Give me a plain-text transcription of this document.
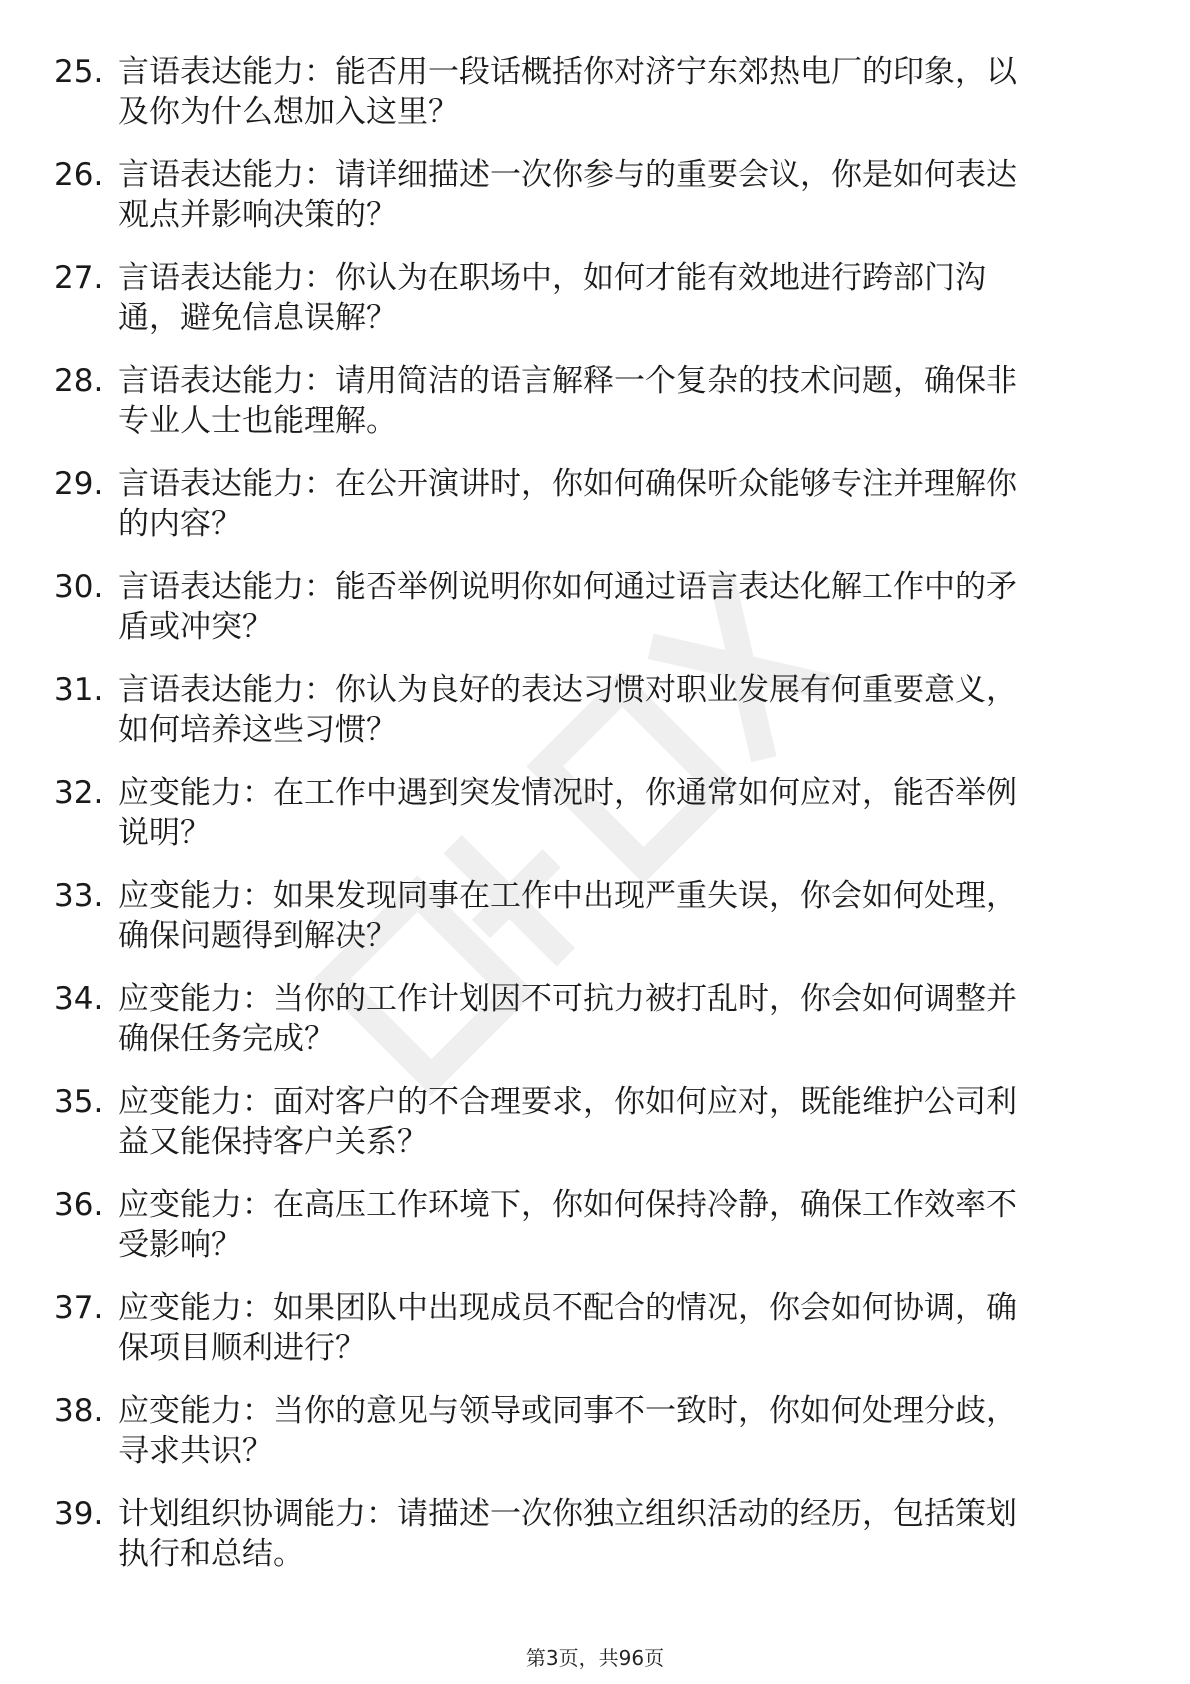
25. 言语表达能力：能否用一段话概括你对济宁东郊热电厂的印象，以及你为什么想加入这里？
26. 言语表达能力：请详细描述一次你参与的重要会议，你是如何表达观点并影响决策的？
27. 言语表达能力：你认为在职场中，如何才能有效地进行跨部门沟通，避免信息误解？
28. 言语表达能力：请用简洁的语言解释一个复杂的技术问题，确保非专业人士也能理解。
29. 言语表达能力：在公开演讲时，你如何确保听众能够专注并理解你的内容？
30. 言语表达能力：能否举例说明你如何通过语言表达化解工作中的矛盾或冲突？
31. 言语表达能力：你认为良好的表达习惯对职业发展有何重要意义，如何培养这些习惯？
32. 应变能力：在工作中遇到突发情况时，你通常如何应对，能否举例说明？
33. 应变能力：如果发现同事在工作中出现严重失误，你会如何处理，确保问题得到解决？
34. 应变能力：当你的工作计划因不可抗力被打乱时，你会如何调整并确保任务完成？
35. 应变能力：面对客户的不合理要求，你如何应对，既能维护公司利益又能保持客户关系？
36. 应变能力：在高压工作环境下，你如何保持冷静，确保工作效率不受影响？
37. 应变能力：如果团队中出现成员不配合的情况，你会如何协调，确保项目顺利进行？
38. 应变能力：当你的意见与领导或同事不一致时，你如何处理分歧，寻求共识？
39. 计划组织协调能力：请描述一次你独立组织活动的经历，包括策划执行和总结。
第3页，共96页
